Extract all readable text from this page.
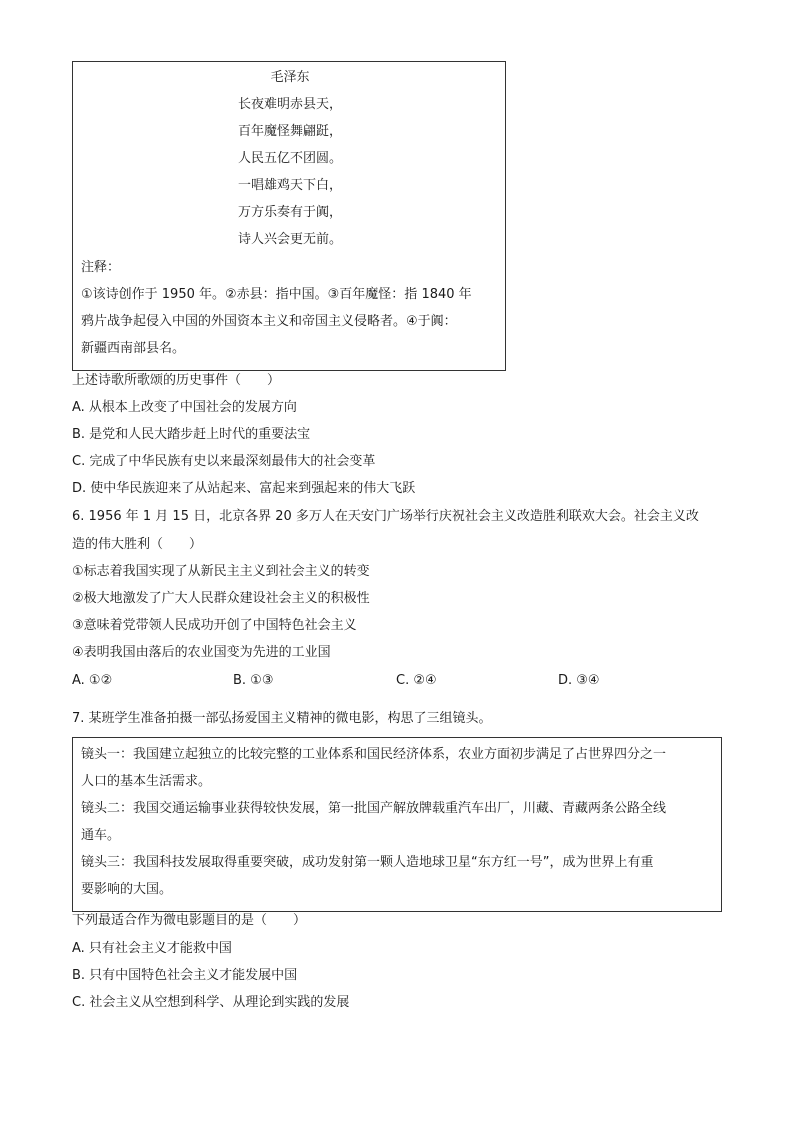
毛泽东
长夜难明赤县天，
百年魔怪舞翩跹，
人民五亿不团圆。
一唱雄鸡天下白，
万方乐奏有于阗，
诗人兴会更无前。
注释：
①该诗创作于 1950 年。②赤县：指中国。③百年魔怪：指 1840 年
鸦片战争起侵入中国的外国资本主义和帝国主义侵略者。④于阗：
新疆西南部县名。
上述诗歌所歌颂的历史事件（　　）
A. 从根本上改变了中国社会的发展方向
B. 是党和人民大踏步赶上时代的重要法宝
C. 完成了中华民族有史以来最深刻最伟大的社会变革
D. 使中华民族迎来了从站起来、富起来到强起来的伟大飞跃
6. 1956 年 1 月 15 日，北京各界 20 多万人在天安门广场举行庆祝社会主义改造胜利联欢大会。社会主义改
造的伟大胜利（　　）
①标志着我国实现了从新民主主义到社会主义的转变
②极大地激发了广大人民群众建设社会主义的积极性
③意味着党带领人民成功开创了中国特色社会主义
④表明我国由落后的农业国变为先进的工业国
A. ①②	B. ①③	C. ②④	D. ③④
7. 某班学生准备拍摄一部弘扬爱国主义精神的微电影，构思了三组镜头。
镜头一：我国建立起独立的比较完整的工业体系和国民经济体系，农业方面初步满足了占世界四分之一
人口的基本生活需求。
镜头二：我国交通运输事业获得较快发展，第一批国产解放牌载重汽车出厂，川藏、青藏两条公路全线
通车。
镜头三：我国科技发展取得重要突破，成功发射第一颗人造地球卫星“东方红一号”，成为世界上有重
要影响的大国。
下列最适合作为微电影题目的是（　　）
A. 只有社会主义才能救中国
B. 只有中国特色社会主义才能发展中国
C. 社会主义从空想到科学、从理论到实践的发展
